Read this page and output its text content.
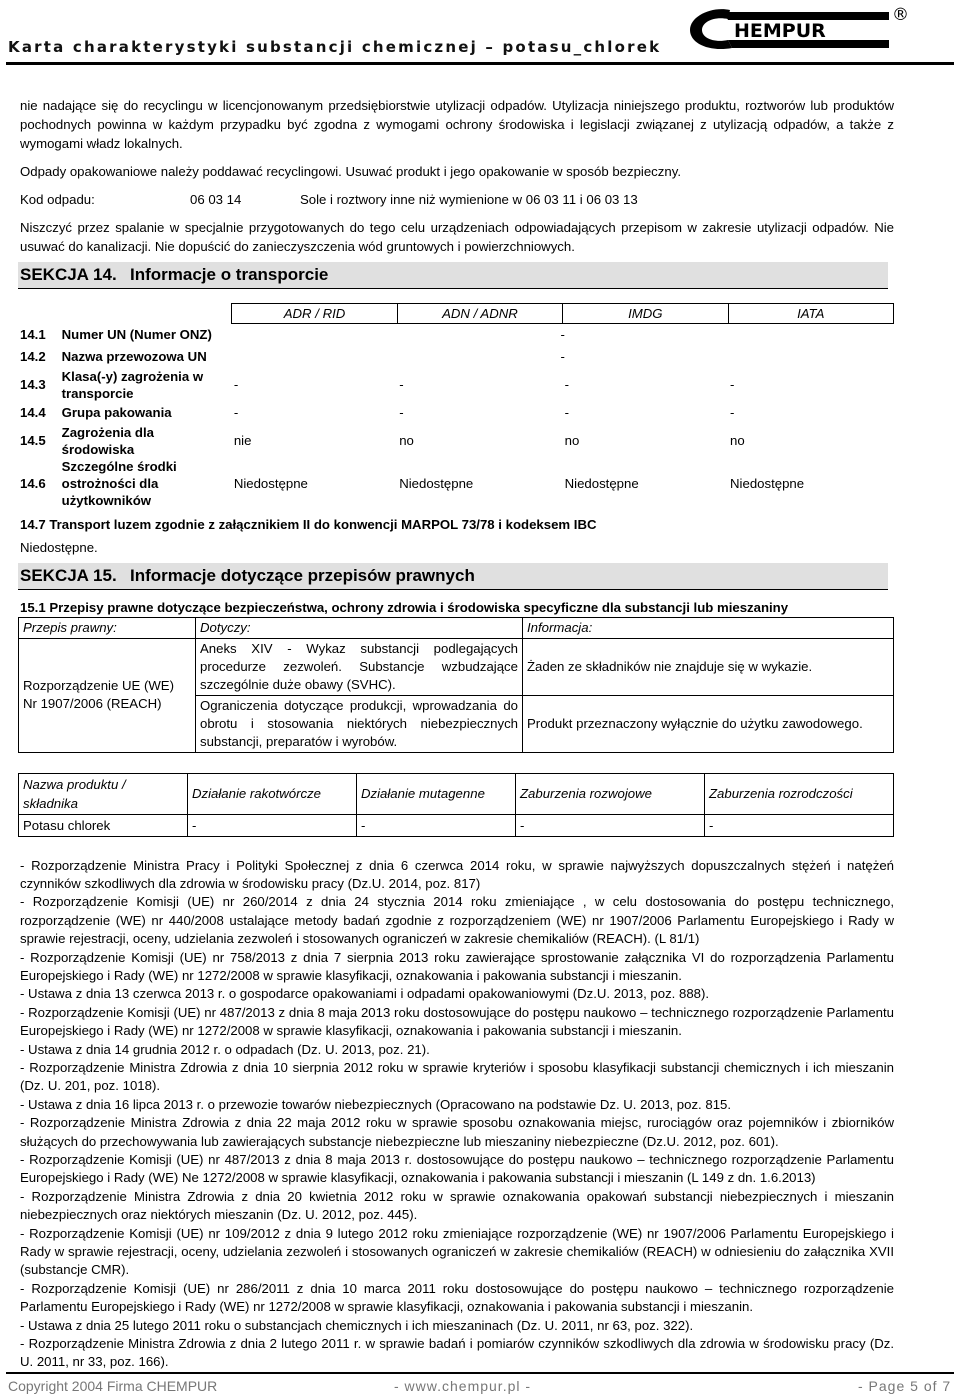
Karta charakterystyki substancji chemicznej – potasu_chlorek
HEMPUR
®

nie nadające się do recyclingu w licencjonowanym przedsiębiorstwie utylizacji odpadów. Utylizacja niniejszego produktu, roztworów lub produktów pochodnych powinna w każdym przypadku być zgodna z wymogami ochrony środowiska i legislacji związanej z utylizacją odpadów, a także z wymogami władz lokalnych.

Odpady opakowaniowe należy poddawać recyclingowi. Usuwać produkt i jego opakowanie w sposób bezpieczny.

Kod odpadu:	06 03 14	Sole i roztwory inne niż wymienione w 06 03 11 i 06 03 13

Niszczyć przez spalanie w specjalnie przygotowanych do tego celu urządzeniach odpowiadających przepisom w zakresie utylizacji odpadów. Nie usuwać do kanalizacji. Nie dopuścić do zanieczyszczenia wód gruntowych i powierzchniowych.

SEKCJA 14. Informacje o transporcie
		ADR / RID	ADN / ADNR	IMDG	IATA
14.1	Numer UN (Numer ONZ)	-			
14.2	Nazwa przewozowa UN	-			
14.3	Klasa(-y) zagrożenia w transporcie	-	-	-	-
14.4	Grupa pakowania	-	-	-	-
14.5	Zagrożenia dla środowiska	nie	no	no	no
14.6	Szczególne środki ostrożności dla użytkowników	Niedostępne	Niedostępne	Niedostępne	Niedostępne
14.7 Transport luzem zgodnie z załącznikiem II do konwencji MARPOL 73/78 i kodeksem IBC
Niedostępne.
SEKCJA 15. Informacje dotyczące przepisów prawnych
15.1 Przepisy prawne dotyczące bezpieczeństwa, ochrony zdrowia i środowiska specyficzne dla substancji lub mieszaniny
Przepis prawny:	Dotyczy:	Informacja:
Rozporządzenie UE (WE) Nr 1907/2006 (REACH)	Aneks XIV - Wykaz substancji podlegających procedurze zezwoleń. Substancje wzbudzające szczególnie duże obawy (SVHC).	Żaden ze składników nie znajduje się w wykazie.
	Ograniczenia dotyczące produkcji, wprowadzania do obrotu i stosowania niektórych niebezpiecznych substancji, preparatów i wyrobów.	Produkt przeznaczony wyłącznie do użytku zawodowego.
Nazwa produktu / składnika	Działanie rakotwórcze	Działanie mutagenne	Zaburzenia rozwojowe	Zaburzenia rozrodczości
Potasu chlorek	-	-	-	-

- Rozporządzenie Ministra Pracy i Polityki Społecznej z dnia 6 czerwca 2014 roku, w sprawie najwyższych dopuszczalnych stężeń i natężeń czynników szkodliwych dla zdrowia w środowisku pracy (Dz.U. 2014, poz. 817)

- Rozporządzenie Komisji (UE) nr 260/2014 z dnia 24 stycznia 2014 roku zmieniające , w celu dostosowania do postępu technicznego, rozporządzenie (WE) nr 440/2008 ustalające metody badań zgodnie z rozporządzeniem (WE) nr 1907/2006 Parlamentu Europejskiego i Rady w sprawie rejestracji, oceny, udzielania zezwoleń i stosowanych ograniczeń w zakresie chemikaliów (REACH). (L 81/1)

- Rozporządzenie Komisji (UE) nr 758/2013 z dnia 7 sierpnia 2013 roku zawierające sprostowanie załącznika VI do rozporządzenia Parlamentu Europejskiego i Rady (WE) nr 1272/2008 w sprawie klasyfikacji, oznakowania i pakowania substancji i mieszanin.

- Ustawa z dnia 13 czerwca 2013 r. o gospodarce opakowaniami i odpadami opakowaniowymi (Dz.U. 2013, poz. 888).

- Rozporządzenie Komisji (UE) nr 487/2013 z dnia 8 maja 2013 roku dostosowujące do postępu naukowo – technicznego rozporządzenie Parlamentu Europejskiego i Rady (WE) nr 1272/2008 w sprawie klasyfikacji, oznakowania i pakowania substancji i mieszanin.

- Ustawa z dnia 14 grudnia 2012 r. o odpadach (Dz. U. 2013, poz. 21).

- Rozporządzenie Ministra Zdrowia z dnia 10 sierpnia 2012 roku w sprawie kryteriów i sposobu klasyfikacji substancji chemicznych i ich mieszanin (Dz. U. 201, poz. 1018).

- Ustawa z dnia 16 lipca 2013 r. o przewozie towarów niebezpiecznych (Opracowano na podstawie Dz. U. 2013, poz. 815.

- Rozporządzenie Ministra Zdrowia z dnia 22 maja 2012 roku w sprawie sposobu oznakowania miejsc, rurociągów oraz pojemników i zbiorników służących do przechowywania lub zawierających substancje niebezpieczne lub mieszaniny niebezpieczne (Dz.U. 2012, poz. 601).

- Rozporządzenie Komisji (UE) nr 487/2013 z dnia 8 maja 2013 r. dostosowujące do postępu naukowo – technicznego rozporządzenie Parlamentu Europejskiego i Rady (WE) Ne 1272/2008 w sprawie klasyfikacji, oznakowania i pakowania substancji i mieszanin (L 149 z dn. 1.6.2013)

- Rozporządzenie Ministra Zdrowia z dnia 20 kwietnia 2012 roku w sprawie oznakowania opakowań substancji niebezpiecznych i mieszanin niebezpiecznych oraz niektórych mieszanin (Dz. U. 2012, poz. 445).

- Rozporządzenie Komisji (UE) nr 109/2012 z dnia 9 lutego 2012 roku zmieniające rozporządzenie (WE) nr 1907/2006 Parlamentu Europejskiego i Rady w sprawie rejestracji, oceny, udzielania zezwoleń i stosowanych ograniczeń w zakresie chemikaliów (REACH) w odniesieniu do załącznika XVII (substancje CMR).

- Rozporządzenie Komisji (UE) nr 286/2011 z dnia 10 marca 2011 roku dostosowujące do postępu naukowo – technicznego rozporządzenie Parlamentu Europejskiego i Rady (WE) nr 1272/2008 w sprawie klasyfikacji, oznakowania i pakowania substancji i mieszanin.

- Ustawa z dnia 25 lutego 2011 roku o substancjach chemicznych i ich mieszaninach (Dz. U. 2011, nr 63, poz. 322).

- Rozporządzenie Ministra Zdrowia z dnia 2 lutego 2011 r. w sprawie badań i pomiarów czynników szkodliwych dla zdrowia w środowisku pracy (Dz. U. 2011, nr 33, poz. 166).

Copyright 2004 Firma CHEMPUR	- www.chempur.pl -	- Page 5 of 7
